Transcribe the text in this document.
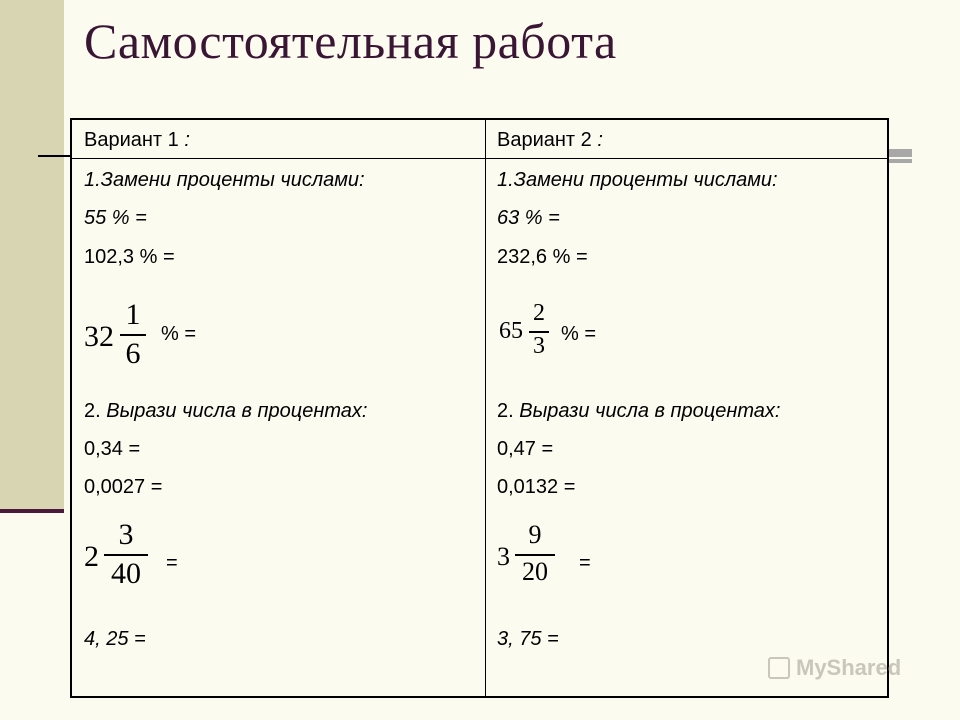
Самостоятельная работа
Вариант 1 :
1.Замени проценты числами:
55 % =
102,3 % =
32
1
6
% =
2. Вырази числа в процентах:
0,34 =
0,0027 =
2
3
40	=
4, 25 =
Вариант 2 :
1.Замени проценты числами:
63 % =
232,6 % =
65
2
3 % =
2. Вырази числа в процентах:
0,47 =
0,0132 =
3
9
20	=
3, 75 =
MyShared
